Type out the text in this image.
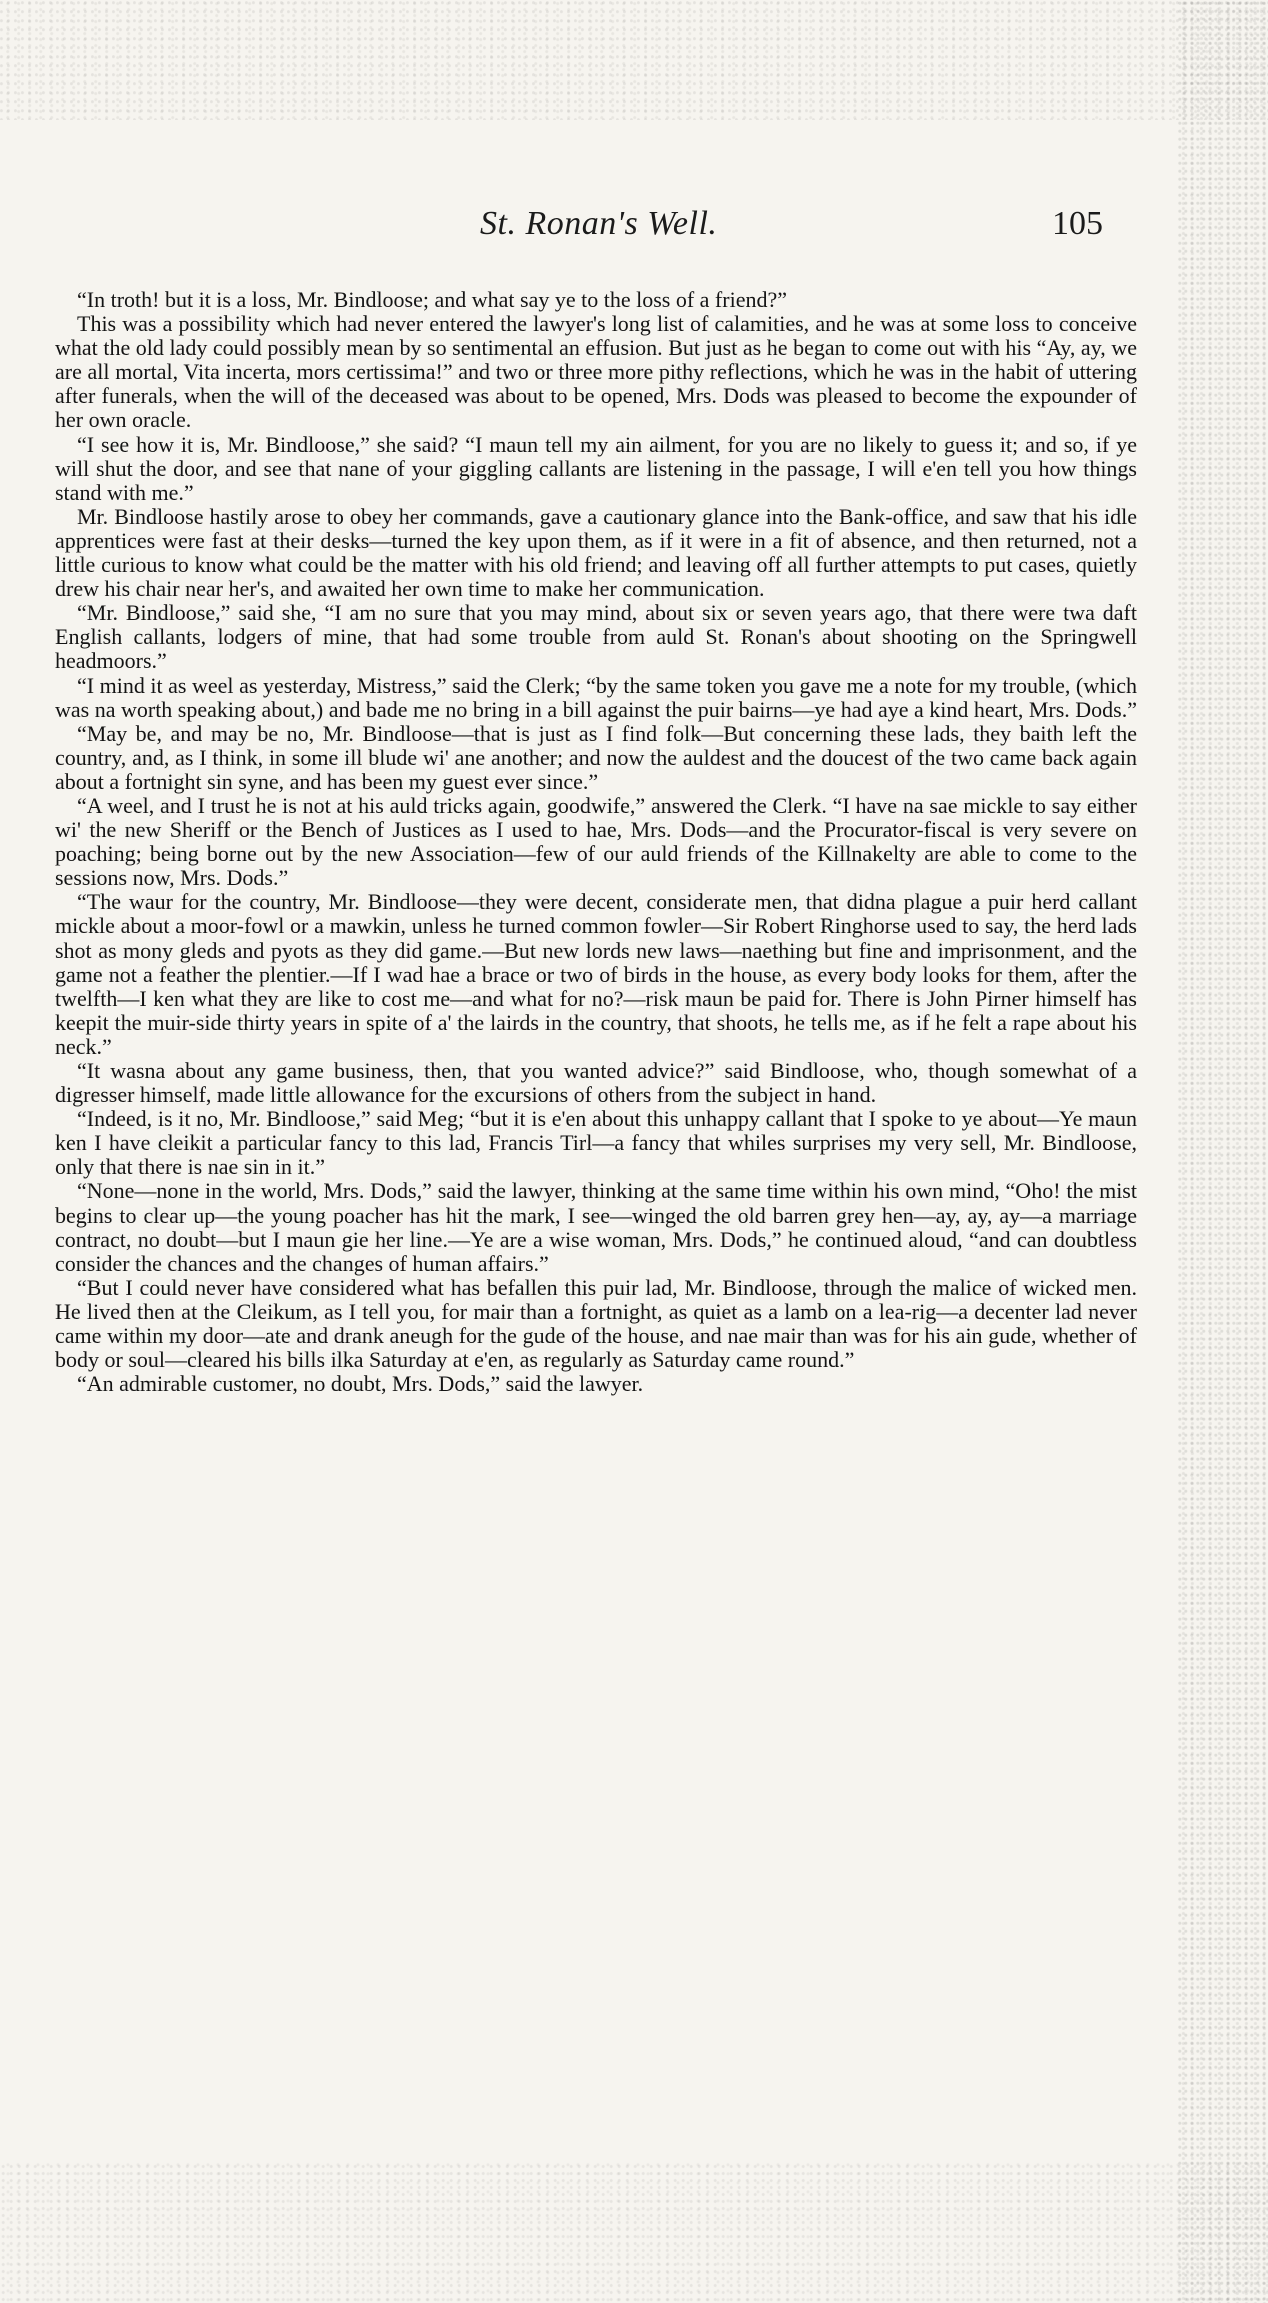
St. Ronan's Well.	105

“In troth! but it is a loss, Mr. Bindloose; and what say ye to the loss of a friend?”

This was a possibility which had never entered the lawyer's long list of calamities, and he was at some loss to conceive what the old lady could possibly mean by so sentimental an effusion. But just as he began to come out with his “Ay, ay, we are all mortal, Vita incerta, mors certissima!” and two or three more pithy reflections, which he was in the habit of uttering after funerals, when the will of the deceased was about to be opened, Mrs. Dods was pleased to become the expounder of her own oracle.

“I see how it is, Mr. Bindloose,” she said? “I maun tell my ain ailment, for you are no likely to guess it; and so, if ye will shut the door, and see that nane of your giggling callants are listening in the passage, I will e'en tell you how things stand with me.”

Mr. Bindloose hastily arose to obey her commands, gave a cautionary glance into the Bank-office, and saw that his idle apprentices were fast at their desks—turned the key upon them, as if it were in a fit of absence, and then returned, not a little curious to know what could be the matter with his old friend; and leaving off all further attempts to put cases, quietly drew his chair near her's, and awaited her own time to make her communication.

“Mr. Bindloose,” said she, “I am no sure that you may mind, about six or seven years ago, that there were twa daft English callants, lodgers of mine, that had some trouble from auld St. Ronan's about shooting on the Springwell headmoors.”

“I mind it as weel as yesterday, Mistress,” said the Clerk; “by the same token you gave me a note for my trouble, (which was na worth speaking about,) and bade me no bring in a bill against the puir bairns—ye had aye a kind heart, Mrs. Dods.”

“May be, and may be no, Mr. Bindloose—that is just as I find folk—But concerning these lads, they baith left the country, and, as I think, in some ill blude wi' ane another; and now the auldest and the doucest of the two came back again about a fortnight sin syne, and has been my guest ever since.”

“A weel, and I trust he is not at his auld tricks again, goodwife,” answered the Clerk. “I have na sae mickle to say either wi' the new Sheriff or the Bench of Justices as I used to hae, Mrs. Dods—and the Procurator-fiscal is very severe on poaching; being borne out by the new Association—few of our auld friends of the Killnakelty are able to come to the sessions now, Mrs. Dods.”

“The waur for the country, Mr. Bindloose—they were decent, considerate men, that didna plague a puir herd callant mickle about a moor-fowl or a mawkin, unless he turned common fowler—Sir Robert Ringhorse used to say, the herd lads shot as mony gleds and pyots as they did game.—But new lords new laws—naething but fine and imprisonment, and the game not a feather the plentier.—If I wad hae a brace or two of birds in the house, as every body looks for them, after the twelfth—I ken what they are like to cost me—and what for no?—risk maun be paid for. There is John Pirner himself has keepit the muir-side thirty years in spite of a' the lairds in the country, that shoots, he tells me, as if he felt a rape about his neck.”

“It wasna about any game business, then, that you wanted advice?” said Bindloose, who, though somewhat of a digresser himself, made little allowance for the excursions of others from the subject in hand.

“Indeed, is it no, Mr. Bindloose,” said Meg; “but it is e'en about this unhappy callant that I spoke to ye about—Ye maun ken I have cleikit a particular fancy to this lad, Francis Tirl—a fancy that whiles surprises my very sell, Mr. Bindloose, only that there is nae sin in it.”

“None—none in the world, Mrs. Dods,” said the lawyer, thinking at the same time within his own mind, “Oho! the mist begins to clear up—the young poacher has hit the mark, I see—winged the old barren grey hen—ay, ay, ay—a marriage contract, no doubt—but I maun gie her line.—Ye are a wise woman, Mrs. Dods,” he continued aloud, “and can doubtless consider the chances and the changes of human affairs.”

“But I could never have considered what has befallen this puir lad, Mr. Bindloose, through the malice of wicked men. He lived then at the Cleikum, as I tell you, for mair than a fortnight, as quiet as a lamb on a lea-rig—a decenter lad never came within my door—ate and drank aneugh for the gude of the house, and nae mair than was for his ain gude, whether of body or soul—cleared his bills ilka Saturday at e'en, as regularly as Saturday came round.”

“An admirable customer, no doubt, Mrs. Dods,” said the lawyer.
